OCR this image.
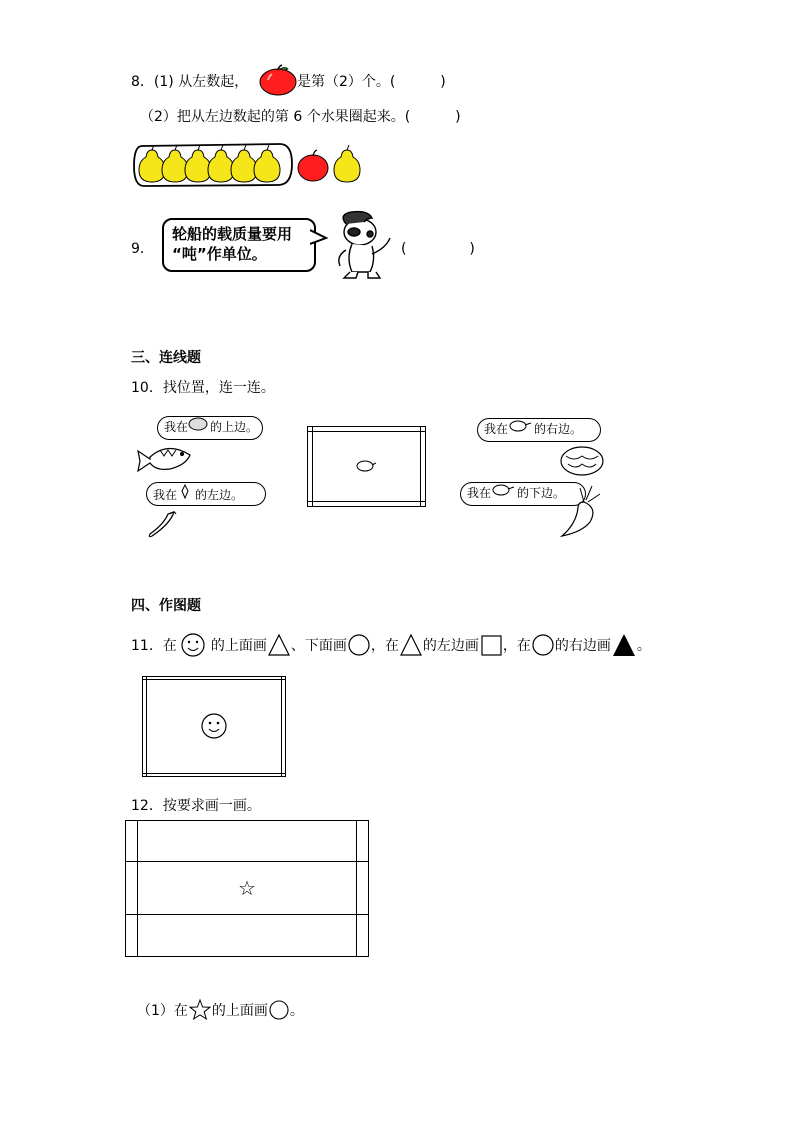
8．(1) 从左数起，	是第（2）个。(	)
（2）把从左边数起的第 6 个水果圈起来。(	)
9．
轮船的载质量要用
“吨”作单位。	(	)
三、连线题
10．找位置，连一连。
我在 的上边。
我在 的左边。

我在 的右边。
我在 的下边。
四、作图题
11．在 的上面画 、下面画 ，在 的左边画 ，在 的右边画 。

12．按要求画一画。

	☆	

（1）在 的上面画 。
